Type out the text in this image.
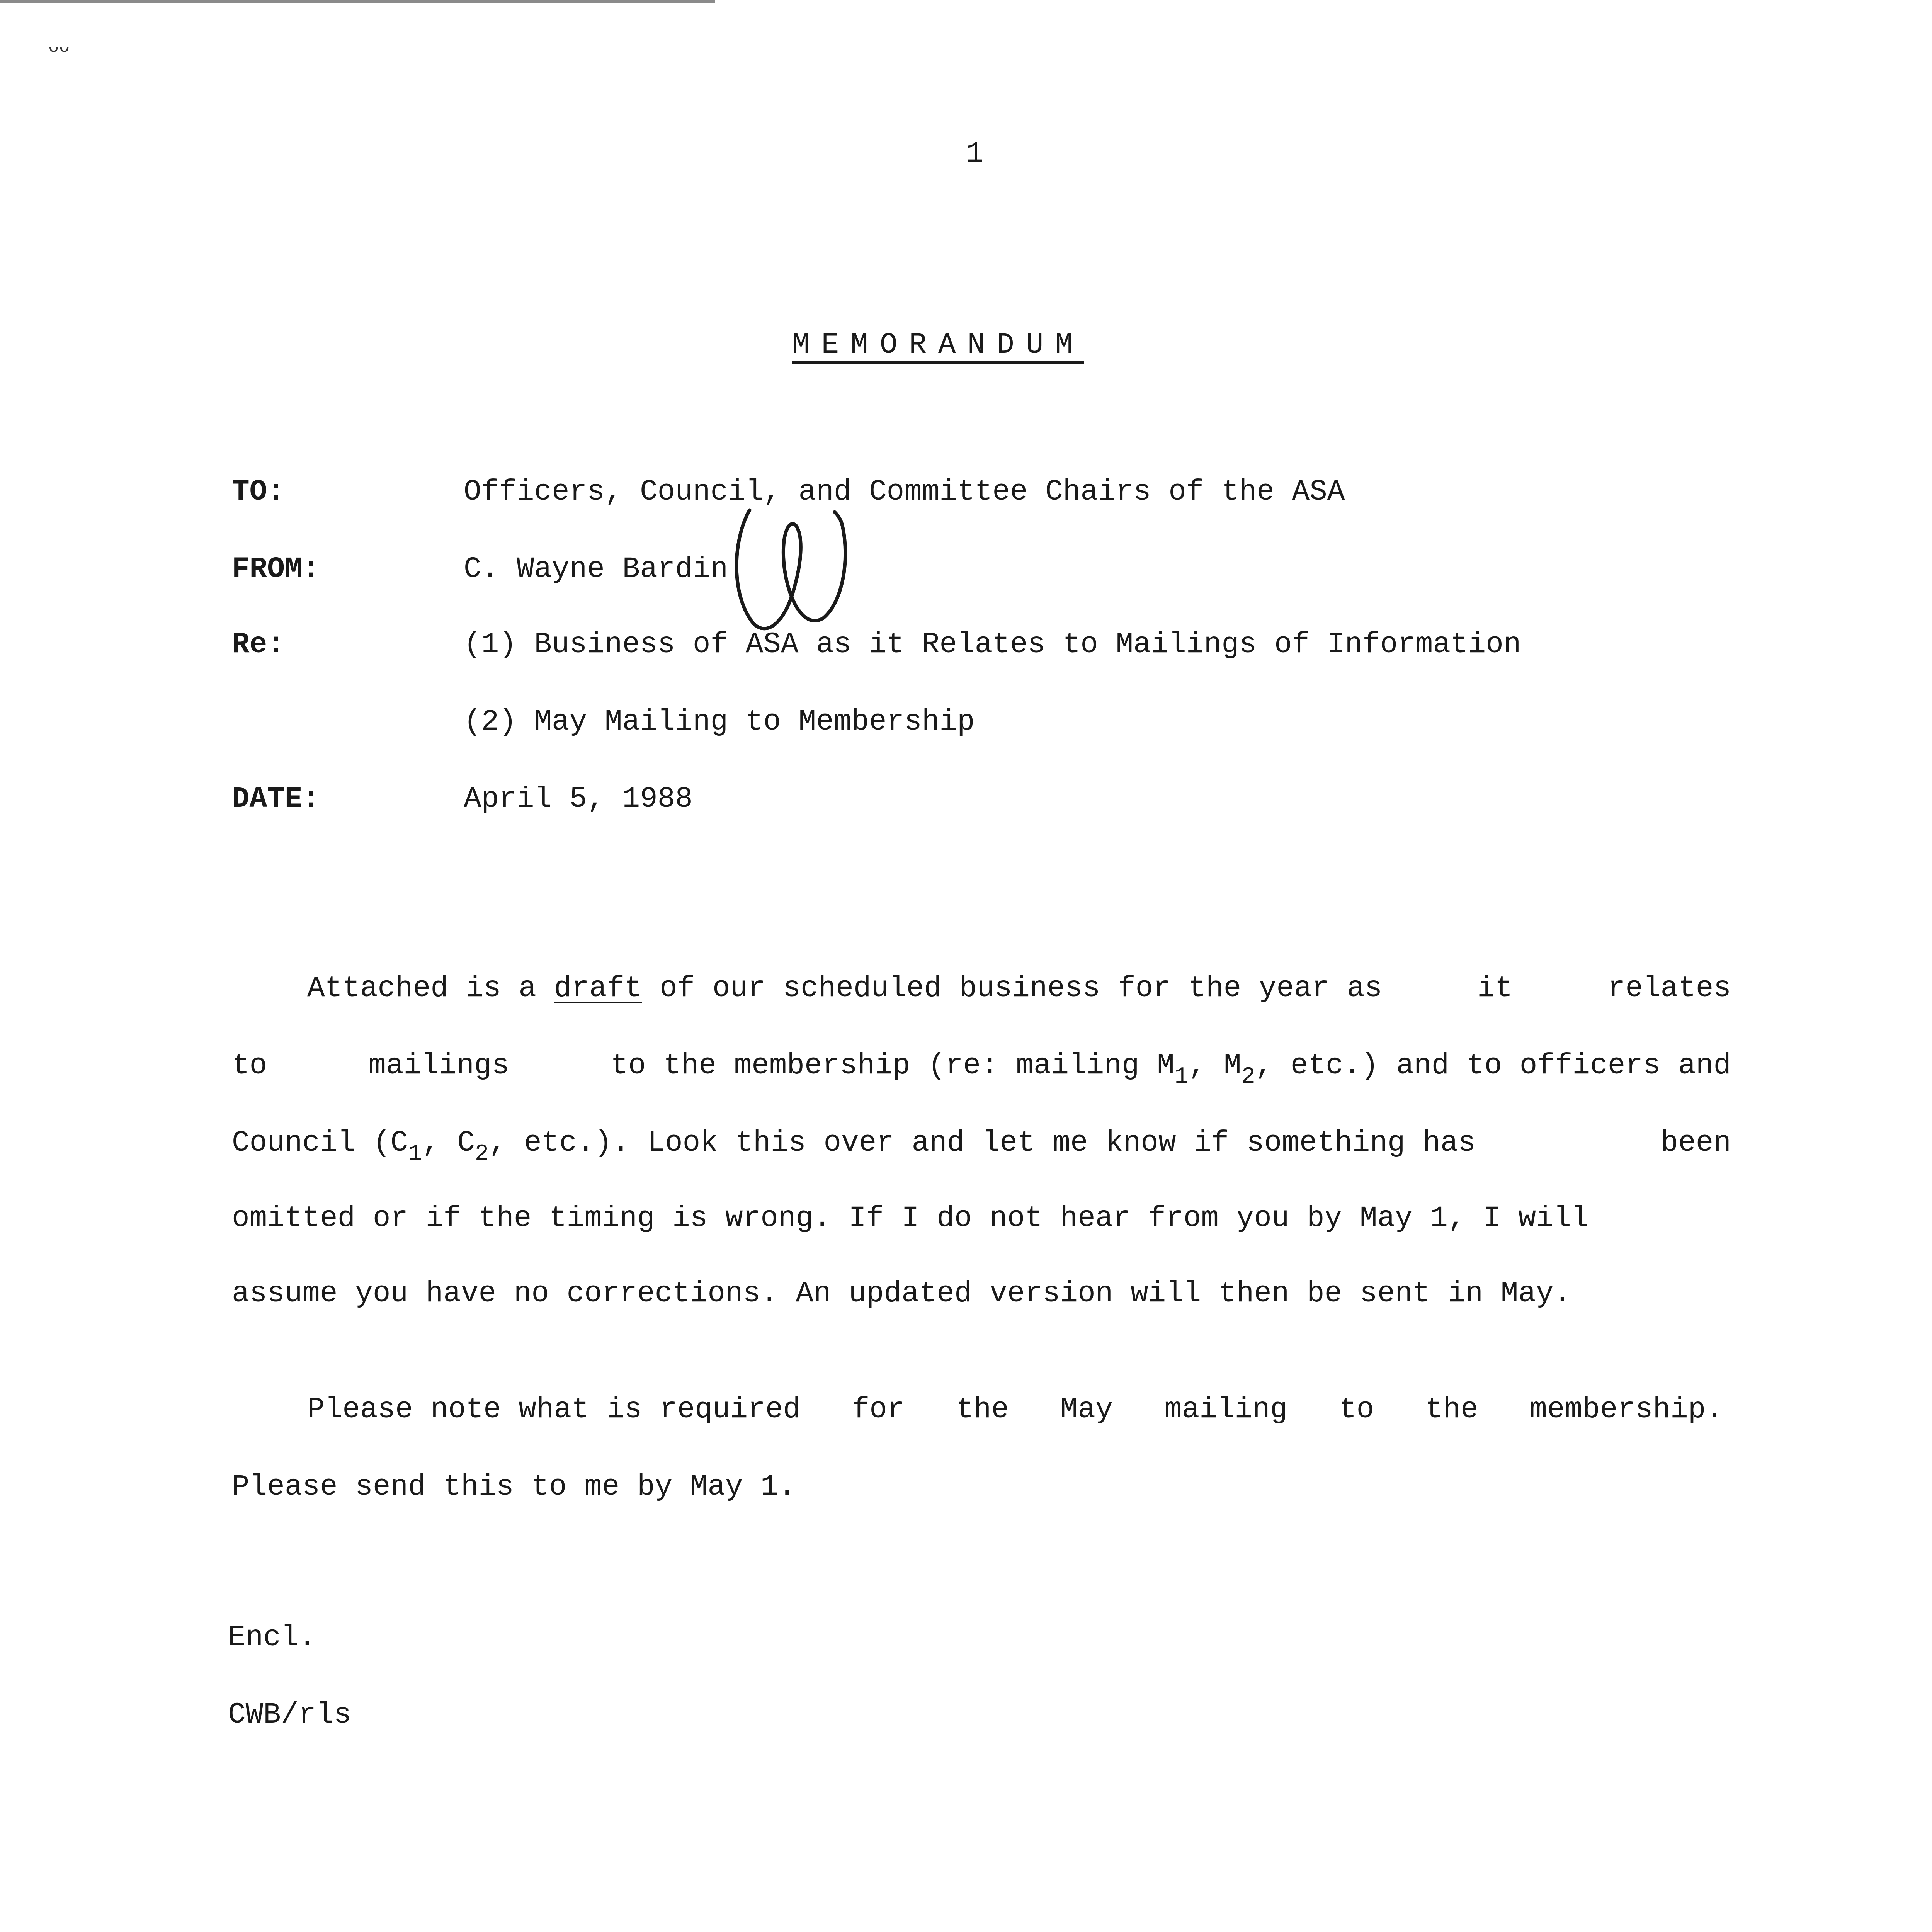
ᴗᴗ
1
MEMORANDUM
TO:	Officers, Council, and Committee Chairs of the ASA
FROM:	C. Wayne Bardin
Re:	(1) Business of ASA as it Relates to Mailings of Information
(2) May Mailing to Membership
DATE:	April 5, 1988
Attached is a draft of our scheduled business for the year as	it	relates
to	mailings	to the membership (re: mailing $M_1$, $M_2$, etc.) and to officers and
Council ($C_1$, $C_2$, etc.). Look this over and let me know if something has	been
omitted or if the timing is wrong. If I do not hear from you by May 1, I will
assume you have no corrections. An updated version will then be sent in May.
Please note what is required for the May mailing to the membership.
Please send this to me by May 1.
Encl.
CWB/rls
